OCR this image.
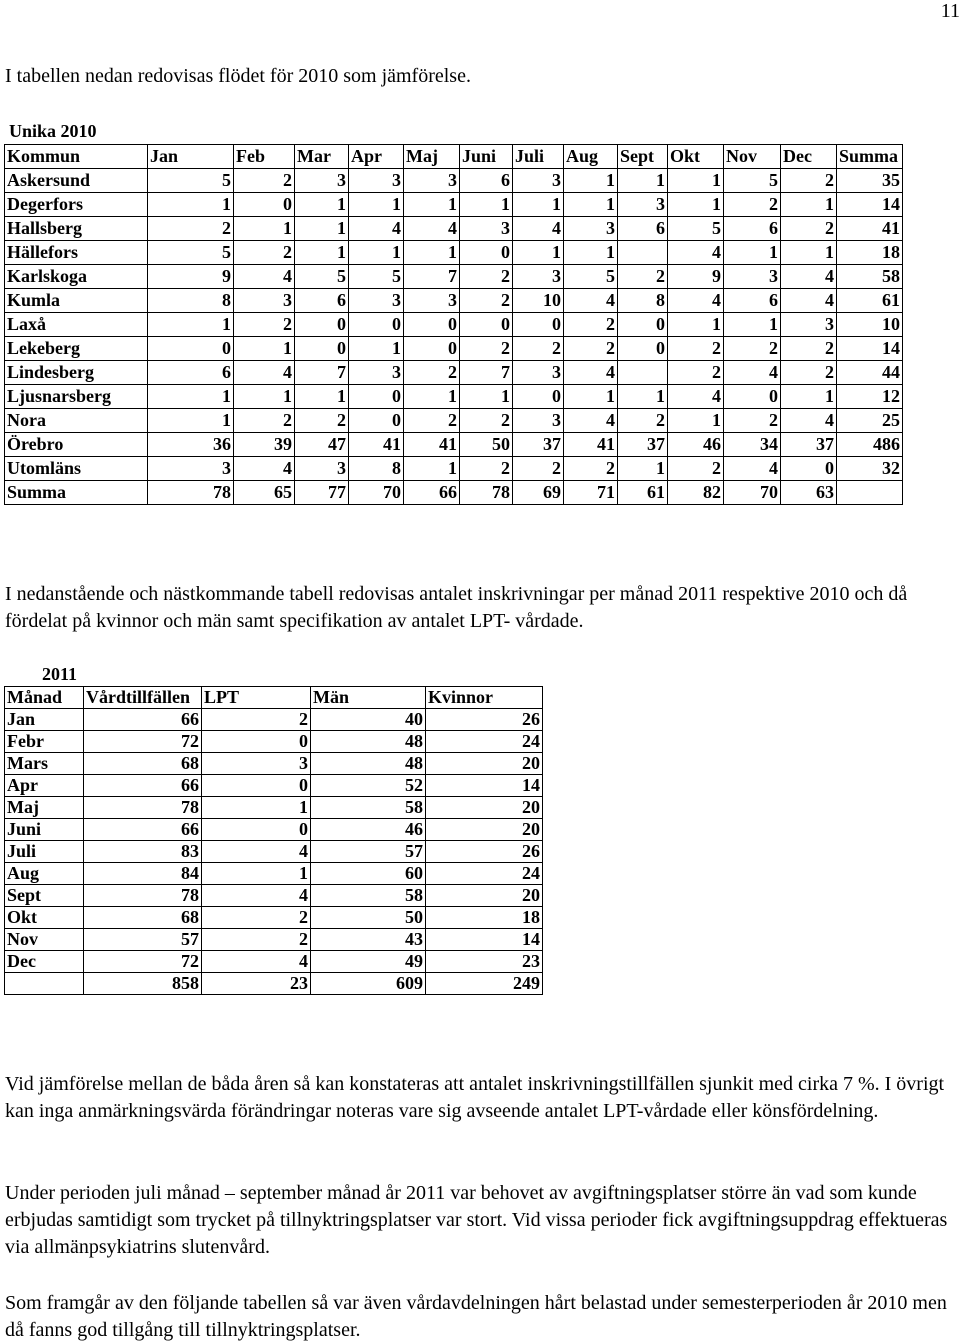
11

I tabellen nedan redovisas flödet för 2010 som jämförelse.

Unika 2010
Kommun	Jan	Feb	Mar	Apr	Maj	Juni	Juli	Aug	Sept	Okt	Nov	Dec	Summa
Askersund	5	2	3	3	3	6	3	1	1	1	5	2	35
Degerfors	1	0	1	1	1	1	1	1	3	1	2	1	14
Hallsberg	2	1	1	4	4	3	4	3	6	5	6	2	41
Hällefors	5	2	1	1	1	0	1	1		4	1	1	18
Karlskoga	9	4	5	5	7	2	3	5	2	9	3	4	58
Kumla	8	3	6	3	3	2	10	4	8	4	6	4	61
Laxå	1	2	0	0	0	0	0	2	0	1	1	3	10
Lekeberg	0	1	0	1	0	2	2	2	0	2	2	2	14
Lindesberg	6	4	7	3	2	7	3	4		2	4	2	44
Ljusnarsberg	1	1	1	0	1	1	0	1	1	4	0	1	12
Nora	1	2	2	0	2	2	3	4	2	1	2	4	25
Örebro	36	39	47	41	41	50	37	41	37	46	34	37	486
Utomläns	3	4	3	8	1	2	2	2	1	2	4	0	32
Summa	78	65	77	70	66	78	69	71	61	82	70	63	

I nedanstående och nästkommande tabell redovisas antalet inskrivningar per månad 2011 respektive 2010 och då fördelat på kvinnor och män samt specifikation av antalet LPT- vårdade.

2011
Månad	Vårdtillfällen	LPT	Män	Kvinnor
Jan	66	2	40	26
Febr	72	0	48	24
Mars	68	3	48	20
Apr	66	0	52	14
Maj	78	1	58	20
Juni	66	0	46	20
Juli	83	4	57	26
Aug	84	1	60	24
Sept	78	4	58	20
Okt	68	2	50	18
Nov	57	2	43	14
Dec	72	4	49	23
	858	23	609	249

Vid jämförelse mellan de båda åren så kan konstateras att antalet inskrivningstillfällen sjunkit med cirka 7 %. I övrigt kan inga anmärkningsvärda förändringar noteras vare sig avseende antalet LPT-vårdade eller könsfördelning.

Under perioden juli månad – september månad år 2011 var behovet av avgiftningsplatser större än vad som kunde erbjudas samtidigt som trycket på tillnyktringsplatser var stort. Vid vissa perioder fick avgiftningsuppdrag effektueras via allmänpsykiatrins slutenvård.

Som framgår av den följande tabellen så var även vårdavdelningen hårt belastad under semesterperioden år 2010 men då fanns god tillgång till tillnyktringsplatser.
